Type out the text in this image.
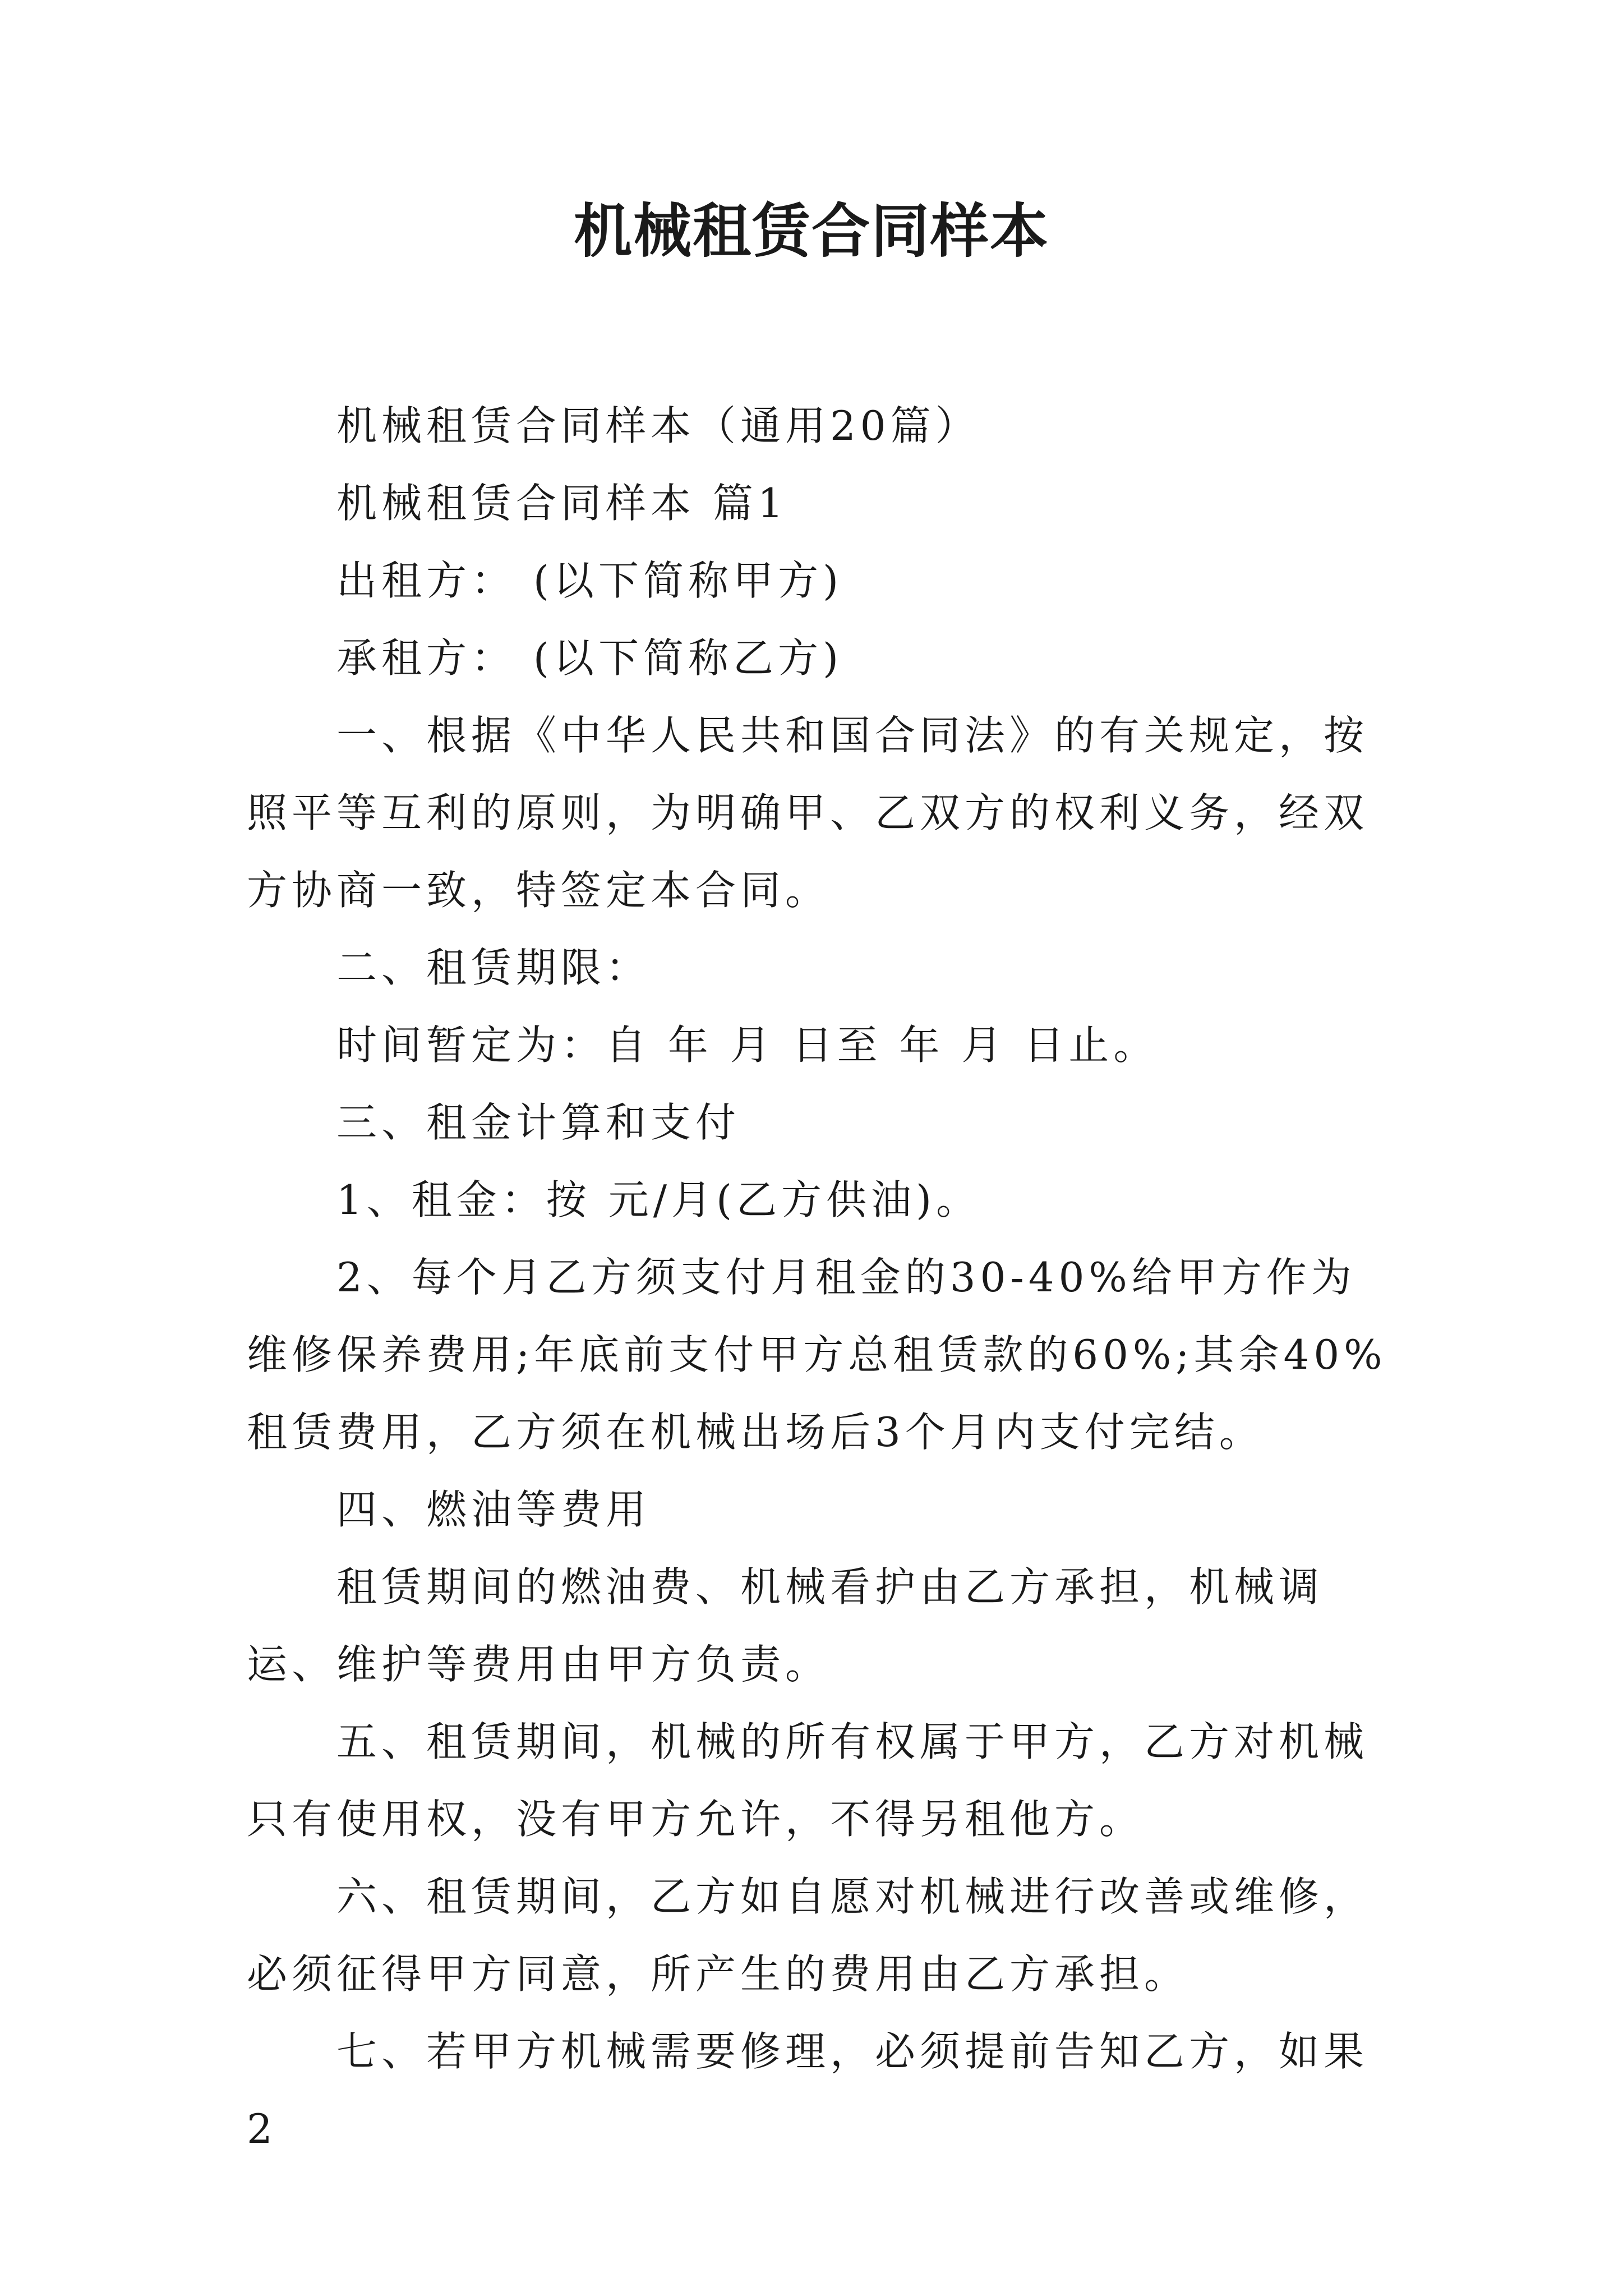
机械租赁合同样本

机械租赁合同样本（通用20篇）

机械租赁合同样本 篇1

出租方： (以下简称甲方)

承租方： (以下简称乙方)

一、根据《中华人民共和国合同法》的有关规定，按照平等互利的原则，为明确甲、乙双方的权利义务，经双方协商一致，特签定本合同。

二、租赁期限：

时间暂定为：自 年 月 日至 年 月 日止。

三、租金计算和支付

1、租金：按 元/月(乙方供油)。

2、每个月乙方须支付月租金的30-40%给甲方作为维修保养费用;年底前支付甲方总租赁款的60%;其余40%租赁费用，乙方须在机械出场后3个月内支付完结。

四、燃油等费用

租赁期间的燃油费、机械看护由乙方承担，机械调运、维护等费用由甲方负责。

五、租赁期间，机械的所有权属于甲方，乙方对机械只有使用权，没有甲方允许，不得另租他方。

六、租赁期间，乙方如自愿对机械进行改善或维修，必须征得甲方同意，所产生的费用由乙方承担。

七、若甲方机械需要修理，必须提前告知乙方，如果2
